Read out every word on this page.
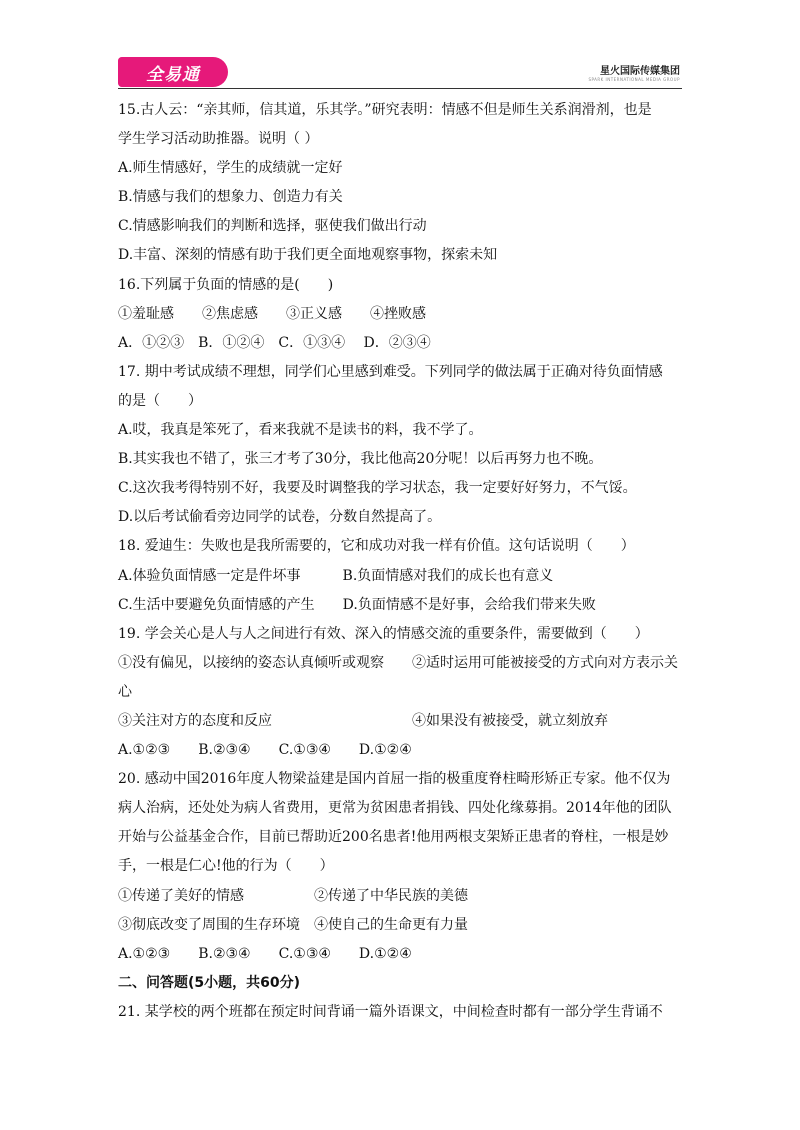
全易通	星火国际传媒集团
SPARK INTERNATIONAL MEDIA GROUP
15.古人云：“亲其师，信其道，乐其学。”研究表明：情感不但是师生关系润滑剂，也是
学生学习活动助推器。说明（ ）
A.师生情感好，学生的成绩就一定好
B.情感与我们的想象力、创造力有关
C.情感影响我们的判断和选择，驱使我们做出行动
D.丰富、深刻的情感有助于我们更全面地观察事物，探索未知
16.下列属于负面的情感的是(　　)
①羞耻感　　②焦虑感　　③正义感　　④挫败感
A．①②③　B．①②④　C．①③④　 D．②③④
17. 期中考试成绩不理想，同学们心里感到难受。下列同学的做法属于正确对待负面情感
的是（　　）
A.哎，我真是笨死了，看来我就不是读书的料，我不学了。
B.其实我也不错了，张三才考了30分，我比他高20分呢！以后再努力也不晚。
C.这次我考得特别不好，我要及时调整我的学习状态，我一定要好好努力，不气馁。
D.以后考试偷看旁边同学的试卷，分数自然提高了。
18. 爱迪生：失败也是我所需要的，它和成功对我一样有价值。这句话说明（　　）
A.体验负面情感一定是件坏事　　　B.负面情感对我们的成长也有意义
C.生活中要避免负面情感的产生　　D.负面情感不是好事，会给我们带来失败
19. 学会关心是人与人之间进行有效、深入的情感交流的重要条件，需要做到（　　）
①没有偏见，以接纳的姿态认真倾听或观察　　②适时运用可能被接受的方式向对方表示关
心
③关注对方的态度和反应　　　　　　　　　　④如果没有被接受，就立刻放弃
A.①②③　　B.②③④　　C.①③④　　D.①②④
20. 感动中国2016年度人物梁益建是国内首屈一指的极重度脊柱畸形矫正专家。他不仅为
病人治病，还处处为病人省费用，更常为贫困患者捐钱、四处化缘募捐。2014年他的团队
开始与公益基金合作，目前已帮助近200名患者!他用两根支架矫正患者的脊柱，一根是妙
手，一根是仁心!他的行为（　　）
①传递了美好的情感　　　　　②传递了中华民族的美德
③彻底改变了周围的生存环境　④使自己的生命更有力量
A.①②③　　B.②③④　　C.①③④　　D.①②④
二、问答题(5小题，共60分)
21. 某学校的两个班都在预定时间背诵一篇外语课文，中间检查时都有一部分学生背诵不
